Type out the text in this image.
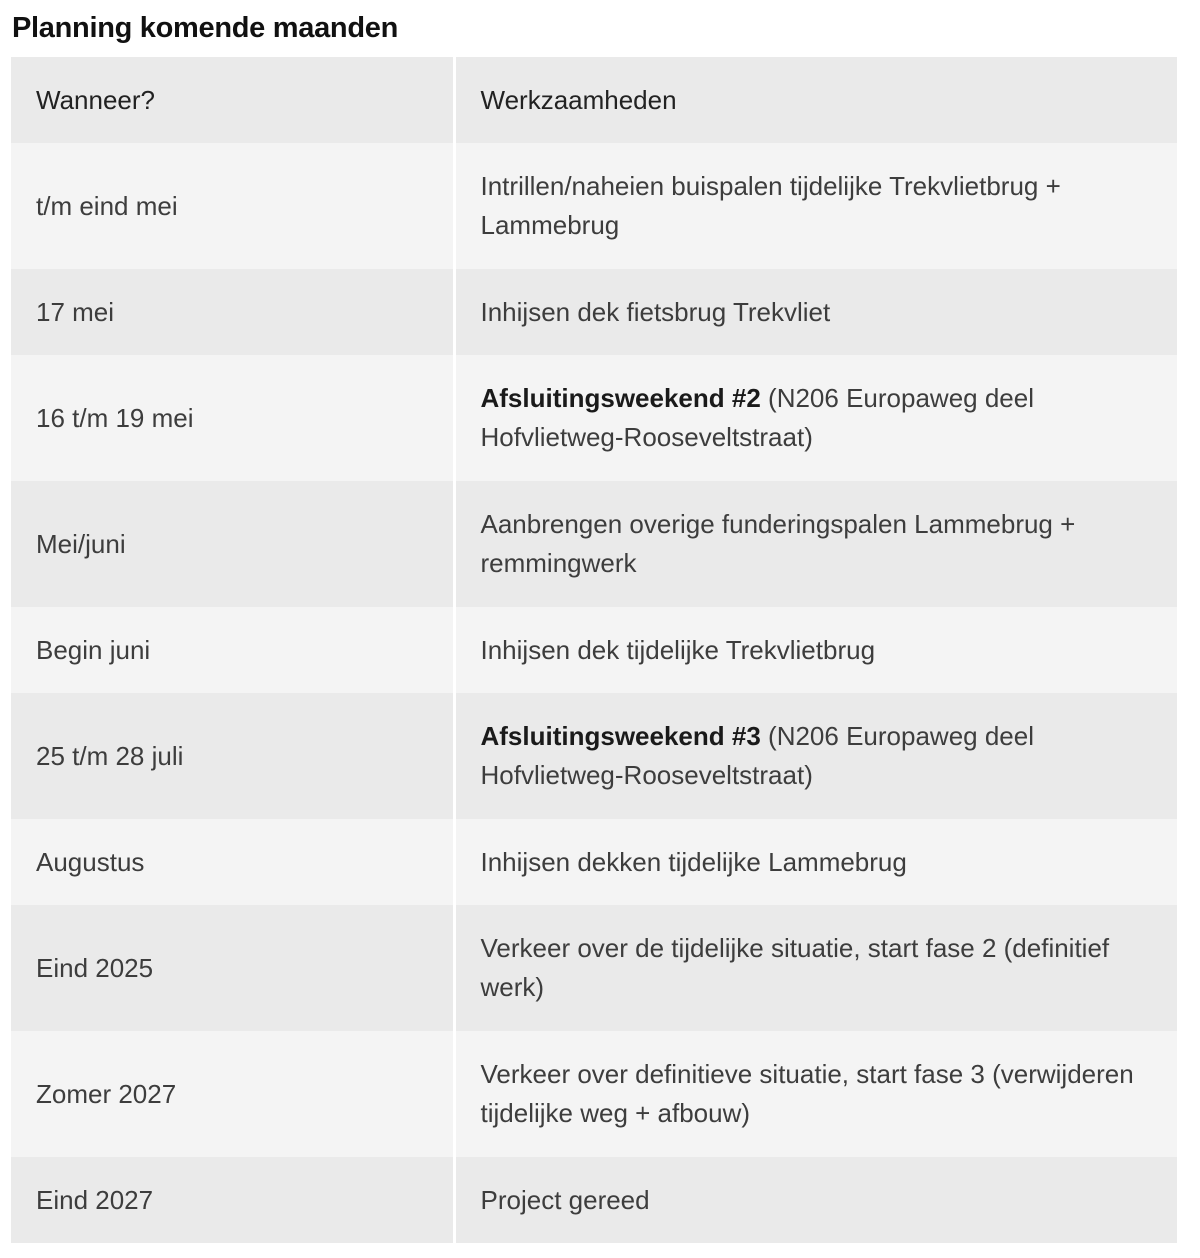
Planning komende maanden
Wanneer?	Werkzaamheden
t/m eind mei	Intrillen/naheien buispalen tijdelijke Trekvlietbrug + Lammebrug
17 mei	Inhijsen dek fietsbrug Trekvliet
16 t/m 19 mei	Afsluitingsweekend #2 (N206 Europaweg deel Hofvlietweg-Rooseveltstraat)
Mei/juni	Aanbrengen overige funderingspalen Lammebrug + remmingwerk
Begin juni	Inhijsen dek tijdelijke Trekvlietbrug
25 t/m 28 juli	Afsluitingsweekend #3 (N206 Europaweg deel Hofvlietweg-Rooseveltstraat)
Augustus	Inhijsen dekken tijdelijke Lammebrug
Eind 2025	Verkeer over de tijdelijke situatie, start fase 2 (definitief werk)
Zomer 2027	Verkeer over definitieve situatie, start fase 3 (verwijderen tijdelijke weg + afbouw)
Eind 2027	Project gereed
